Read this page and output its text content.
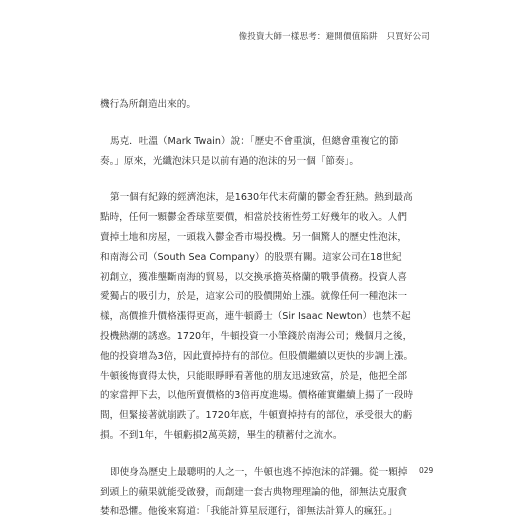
像投資大師一樣思考：避開價值陷阱　只買好公司
機行為所創造出來的。
馬克．吐溫（Mark Twain）說：「歷史不會重演，但總會重複它的節
奏。」原來，光纖泡沫只是以前有過的泡沫的另一個「節奏」。
第一個有紀錄的經濟泡沫，是1630年代末荷蘭的鬱金香狂熱。熱到最高
點時，任何一顆鬱金香球莖要價，相當於技術性勞工好幾年的收入。人們
賣掉土地和房屋，一頭栽入鬱金香市場投機。另一個驚人的歷史性泡沫，
和南海公司（South Sea Company）的股票有關。這家公司在18世紀
初創立，獲准壟斷南海的貿易，以交換承擔英格蘭的戰爭債務。投資人喜
愛獨占的吸引力，於是，這家公司的股價開始上漲。就像任何一種泡沫一
樣，高價推升價格漲得更高，連牛頓爵士（Sir Isaac Newton）也禁不起
投機熱潮的誘惑。1720年，牛頓投資一小筆錢於南海公司；幾個月之後，
他的投資增為3倍，因此賣掉持有的部位。但股價繼續以更快的步調上漲。
牛頓後悔賣得太快，只能眼睜睜看著他的朋友迅速致富，於是，他把全部
的家當押下去，以他所賣價格的3倍再度進場。價格確實繼續上揚了一段時
間，但緊接著就崩跌了。1720年底，牛頓賣掉持有的部位，承受很大的虧
損。不到1年，牛頓虧損2萬英鎊，畢生的積蓄付之流水。
即使身為歷史上最聰明的人之一，牛頓也逃不掉泡沫的詳彌。從一顆掉
到頭上的蘋果就能受啟發，而創建一套古典物理理論的他，卻無法克服貪
婪和恐懼。他後來寫道：「我能計算星辰運行，卻無法計算人的瘋狂。」
029
